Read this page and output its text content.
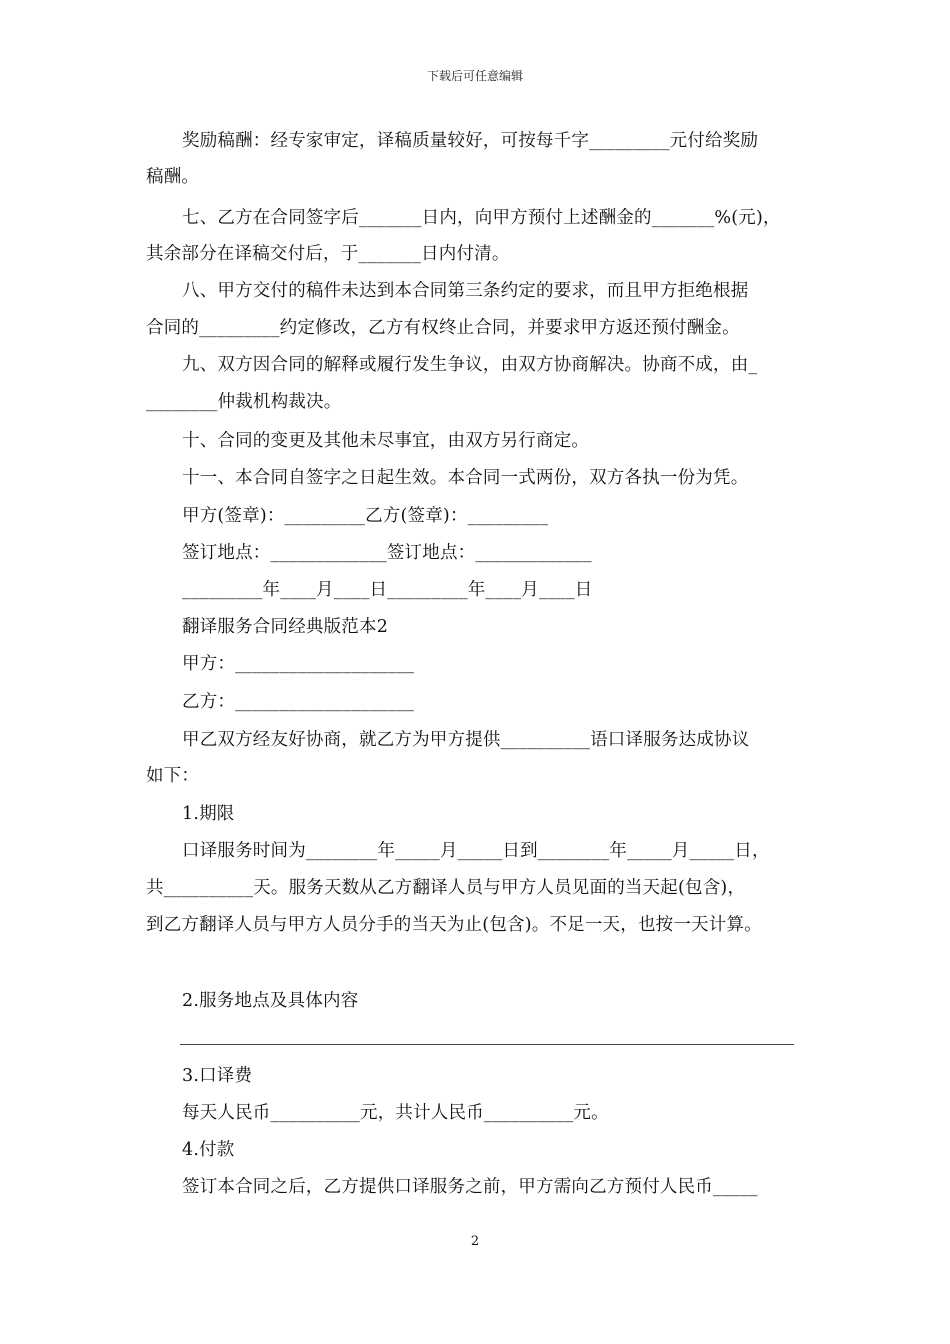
下载后可任意编辑
奖励稿酬：经专家审定，译稿质量较好，可按每千字_________元付给奖励
稿酬。
七、乙方在合同签字后_______日内，向甲方预付上述酬金的_______%(元)，
其余部分在译稿交付后，于_______日内付清。
八、甲方交付的稿件未达到本合同第三条约定的要求，而且甲方拒绝根据
合同的_________约定修改，乙方有权终止合同，并要求甲方返还预付酬金。
九、双方因合同的解释或履行发生争议，由双方协商解决。协商不成，由_
________仲裁机构裁决。
十、合同的变更及其他未尽事宜，由双方另行商定。
十一、本合同自签字之日起生效。本合同一式两份，双方各执一份为凭。
甲方(签章)：_________乙方(签章)：_________
签订地点：_____________签订地点：_____________
_________年____月____日_________年____月____日
翻译服务合同经典版范本2
甲方：____________________
乙方：____________________
甲乙双方经友好协商，就乙方为甲方提供__________语口译服务达成协议
如下：
1.期限
口译服务时间为________年_____月_____日到________年_____月_____日，
共__________天。服务天数从乙方翻译人员与甲方人员见面的当天起(包含)，
到乙方翻译人员与甲方人员分手的当天为止(包含)。不足一天，也按一天计算。
2.服务地点及具体内容
3.口译费
每天人民币__________元，共计人民币__________元。
4.付款
签订本合同之后，乙方提供口译服务之前，甲方需向乙方预付人民币_____
2
